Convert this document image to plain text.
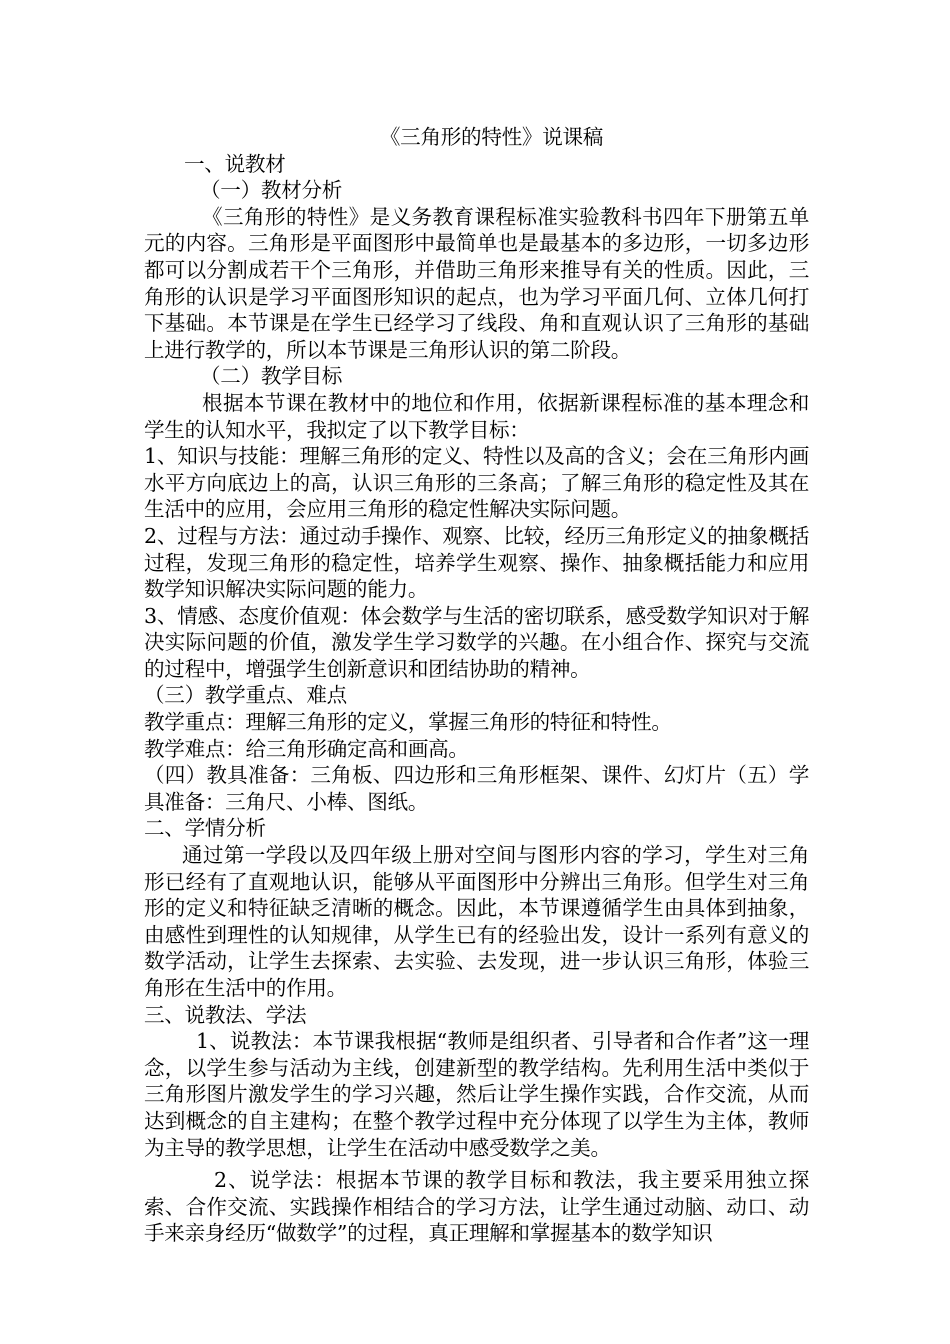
《三角形的特性》说课稿

一、说教材

（一）教材分析

《三角形的特性》是义务教育课程标准实验教科书四年下册第五单元的内容。三角形是平面图形中最简单也是最基本的多边形，一切多边形都可以分割成若干个三角形，并借助三角形来推导有关的性质。因此，三角形的认识是学习平面图形知识的起点，也为学习平面几何、立体几何打下基础。本节课是在学生已经学习了线段、角和直观认识了三角形的基础上进行教学的，所以本节课是三角形认识的第二阶段。

（二）教学目标

根据本节课在教材中的地位和作用，依据新课程标准的基本理念和学生的认知水平，我拟定了以下教学目标：

1、知识与技能：理解三角形的定义、特性以及高的含义；会在三角形内画水平方向底边上的高，认识三角形的三条高；了解三角形的稳定性及其在生活中的应用，会应用三角形的稳定性解决实际问题。

2、过程与方法：通过动手操作、观察、比较，经历三角形定义的抽象概括过程，发现三角形的稳定性，培养学生观察、操作、抽象概括能力和应用数学知识解决实际问题的能力。

3、情感、态度价值观：体会数学与生活的密切联系，感受数学知识对于解决实际问题的价值，激发学生学习数学的兴趣。在小组合作、探究与交流的过程中，增强学生创新意识和团结协助的精神。

（三）教学重点、难点

教学重点：理解三角形的定义，掌握三角形的特征和特性。

教学难点：给三角形确定高和画高。

（四）教具准备：三角板、四边形和三角形框架、课件、幻灯片（五）学具准备：三角尺、小棒、图纸。

二、学情分析

通过第一学段以及四年级上册对空间与图形内容的学习，学生对三角形已经有了直观地认识，能够从平面图形中分辨出三角形。但学生对三角形的定义和特征缺乏清晰的概念。因此，本节课遵循学生由具体到抽象，由感性到理性的认知规律，从学生已有的经验出发，设计一系列有意义的数学活动，让学生去探索、去实验、去发现，进一步认识三角形，体验三角形在生活中的作用。

三、说教法、学法

1、说教法：本节课我根据“教师是组织者、引导者和合作者”这一理念，以学生参与活动为主线，创建新型的教学结构。先利用生活中类似于三角形图片激发学生的学习兴趣，然后让学生操作实践，合作交流，从而达到概念的自主建构；在整个教学过程中充分体现了以学生为主体，教师为主导的教学思想，让学生在活动中感受数学之美。

2、说学法：根据本节课的教学目标和教法，我主要采用独立探索、合作交流、实践操作相结合的学习方法，让学生通过动脑、动口、动手来亲身经历“做数学”的过程，真正理解和掌握基本的数学知识
